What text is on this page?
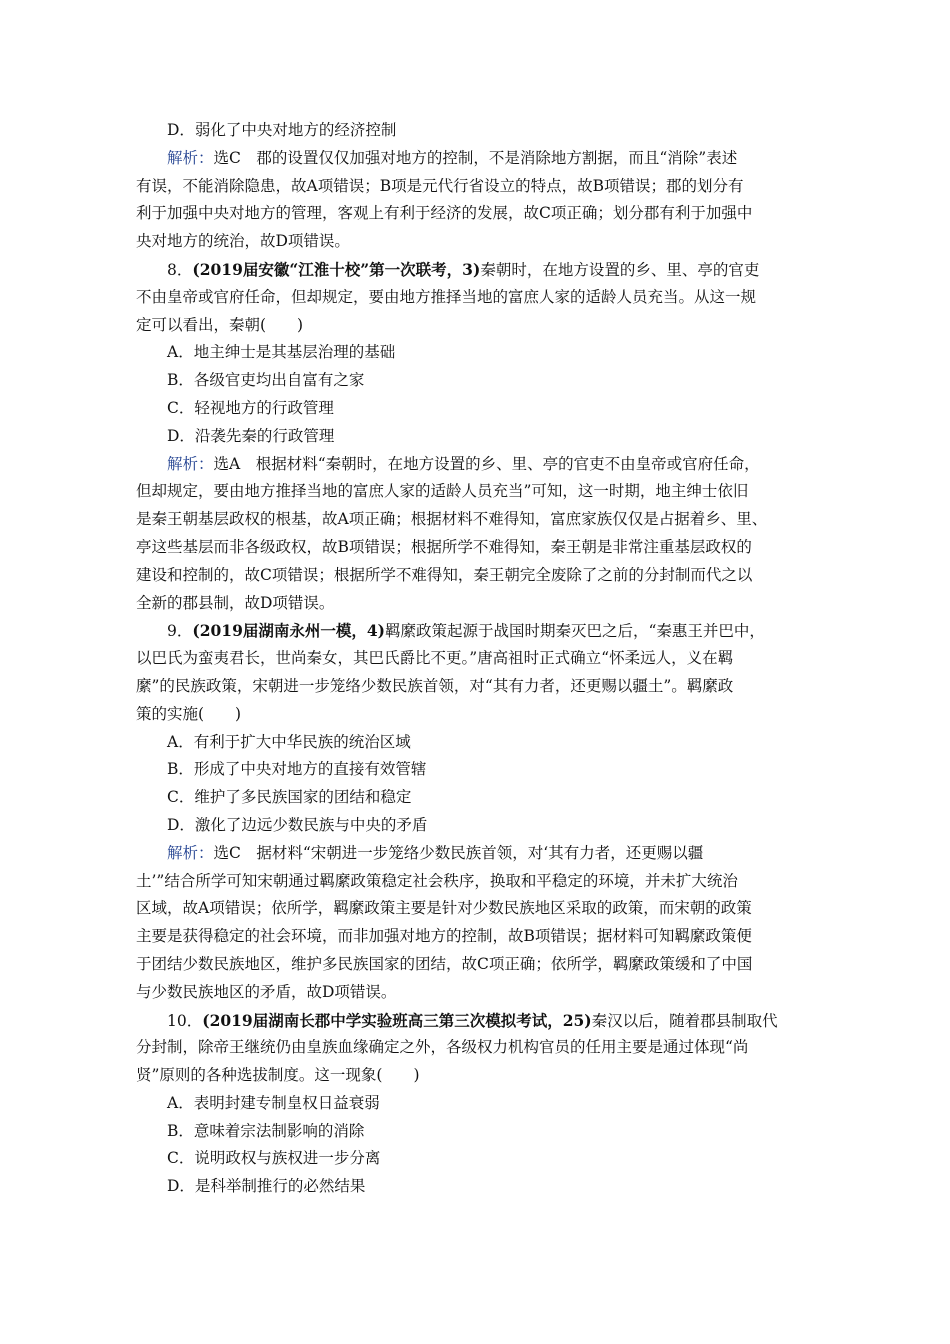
D．弱化了中央对地方的经济控制
解析：选C　郡的设置仅仅加强对地方的控制，不是消除地方割据，而且“消除”表述
有误，不能消除隐患，故A项错误；B项是元代行省设立的特点，故B项错误；郡的划分有
利于加强中央对地方的管理，客观上有利于经济的发展，故C项正确；划分郡有利于加强中
央对地方的统治，故D项错误。
8．(2019届安徽“江淮十校”第一次联考，3)秦朝时，在地方设置的乡、里、亭的官吏
不由皇帝或官府任命，但却规定，要由地方推择当地的富庶人家的适龄人员充当。从这一规
定可以看出，秦朝(　　)
A．地主绅士是其基层治理的基础
B．各级官吏均出自富有之家
C．轻视地方的行政管理
D．沿袭先秦的行政管理
解析：选A　根据材料“秦朝时，在地方设置的乡、里、亭的官吏不由皇帝或官府任命，
但却规定，要由地方推择当地的富庶人家的适龄人员充当”可知，这一时期，地主绅士依旧
是秦王朝基层政权的根基，故A项正确；根据材料不难得知，富庶家族仅仅是占据着乡、里、
亭这些基层而非各级政权，故B项错误；根据所学不难得知，秦王朝是非常注重基层政权的
建设和控制的，故C项错误；根据所学不难得知，秦王朝完全废除了之前的分封制而代之以
全新的郡县制，故D项错误。
9．(2019届湖南永州一模，4)羁縻政策起源于战国时期秦灭巴之后，“秦惠王并巴中，
以巴氏为蛮夷君长，世尚秦女，其巴氏爵比不更。”唐高祖时正式确立“怀柔远人，义在羁
縻”的民族政策，宋朝进一步笼络少数民族首领，对“其有力者，还更赐以疆土”。羁縻政
策的实施(　　)
A．有利于扩大中华民族的统治区域
B．形成了中央对地方的直接有效管辖
C．维护了多民族国家的团结和稳定
D．激化了边远少数民族与中央的矛盾
解析：选C　据材料“宋朝进一步笼络少数民族首领，对‘其有力者，还更赐以疆
土’”结合所学可知宋朝通过羁縻政策稳定社会秩序，换取和平稳定的环境，并未扩大统治
区域，故A项错误；依所学，羁縻政策主要是针对少数民族地区采取的政策，而宋朝的政策
主要是获得稳定的社会环境，而非加强对地方的控制，故B项错误；据材料可知羁縻政策便
于团结少数民族地区，维护多民族国家的团结，故C项正确；依所学，羁縻政策缓和了中国
与少数民族地区的矛盾，故D项错误。
10．(2019届湖南长郡中学实验班高三第三次模拟考试，25)秦汉以后，随着郡县制取代
分封制，除帝王继统仍由皇族血缘确定之外，各级权力机构官员的任用主要是通过体现“尚
贤”原则的各种选拔制度。这一现象(　　)
A．表明封建专制皇权日益衰弱
B．意味着宗法制影响的消除
C．说明政权与族权进一步分离
D．是科举制推行的必然结果
